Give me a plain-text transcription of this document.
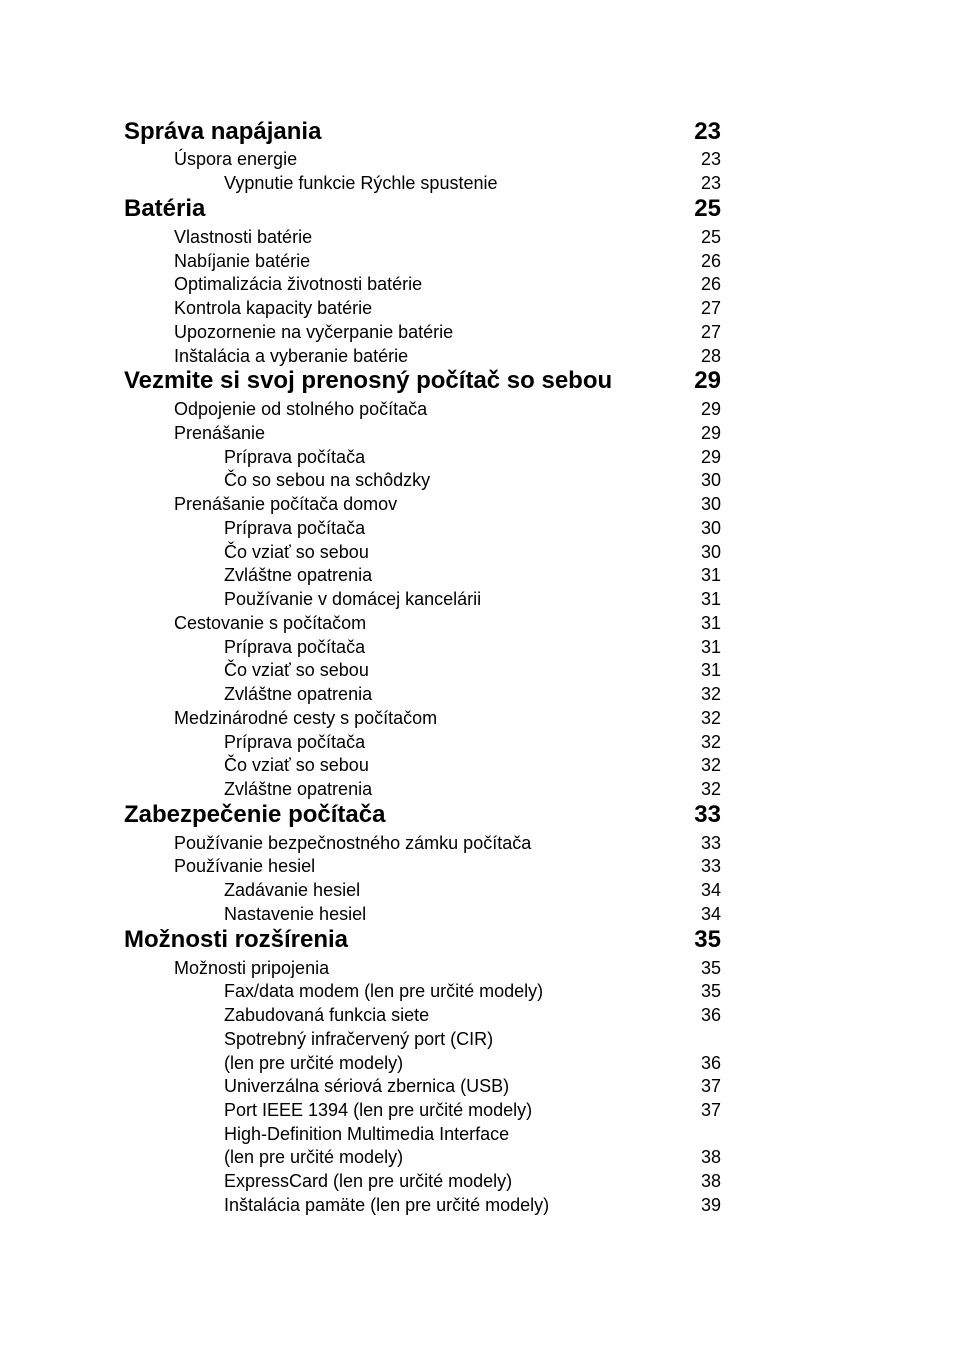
Správa napájania	23
Úspora energie	23
Vypnutie funkcie Rýchle spustenie	23
Batéria	25
Vlastnosti batérie	25
Nabíjanie batérie	26
Optimalizácia životnosti batérie	26
Kontrola kapacity batérie	27
Upozornenie na vyčerpanie batérie	27
Inštalácia a vyberanie batérie	28
Vezmite si svoj prenosný počítač so sebou	29
Odpojenie od stolného počítača	29
Prenášanie	29
Príprava počítača	29
Čo so sebou na schôdzky	30
Prenášanie počítača domov	30
Príprava počítača	30
Čo vziať so sebou	30
Zvláštne opatrenia	31
Používanie v domácej kancelárii	31
Cestovanie s počítačom	31
Príprava počítača	31
Čo vziať so sebou	31
Zvláštne opatrenia	32
Medzinárodné cesty s počítačom	32
Príprava počítača	32
Čo vziať so sebou	32
Zvláštne opatrenia	32
Zabezpečenie počítača	33
Používanie bezpečnostného zámku počítača	33
Používanie hesiel	33
Zadávanie hesiel	34
Nastavenie hesiel	34
Možnosti rozšírenia	35
Možnosti pripojenia	35
Fax/data modem (len pre určité modely)	35
Zabudovaná funkcia siete	36
Spotrebný infračervený port (CIR)
(len pre určité modely)	36
Univerzálna sériová zbernica (USB)	37
Port IEEE 1394 (len pre určité modely)	37
High-Definition Multimedia Interface
(len pre určité modely)	38
ExpressCard (len pre určité modely)	38
Inštalácia pamäte (len pre určité modely)	39
